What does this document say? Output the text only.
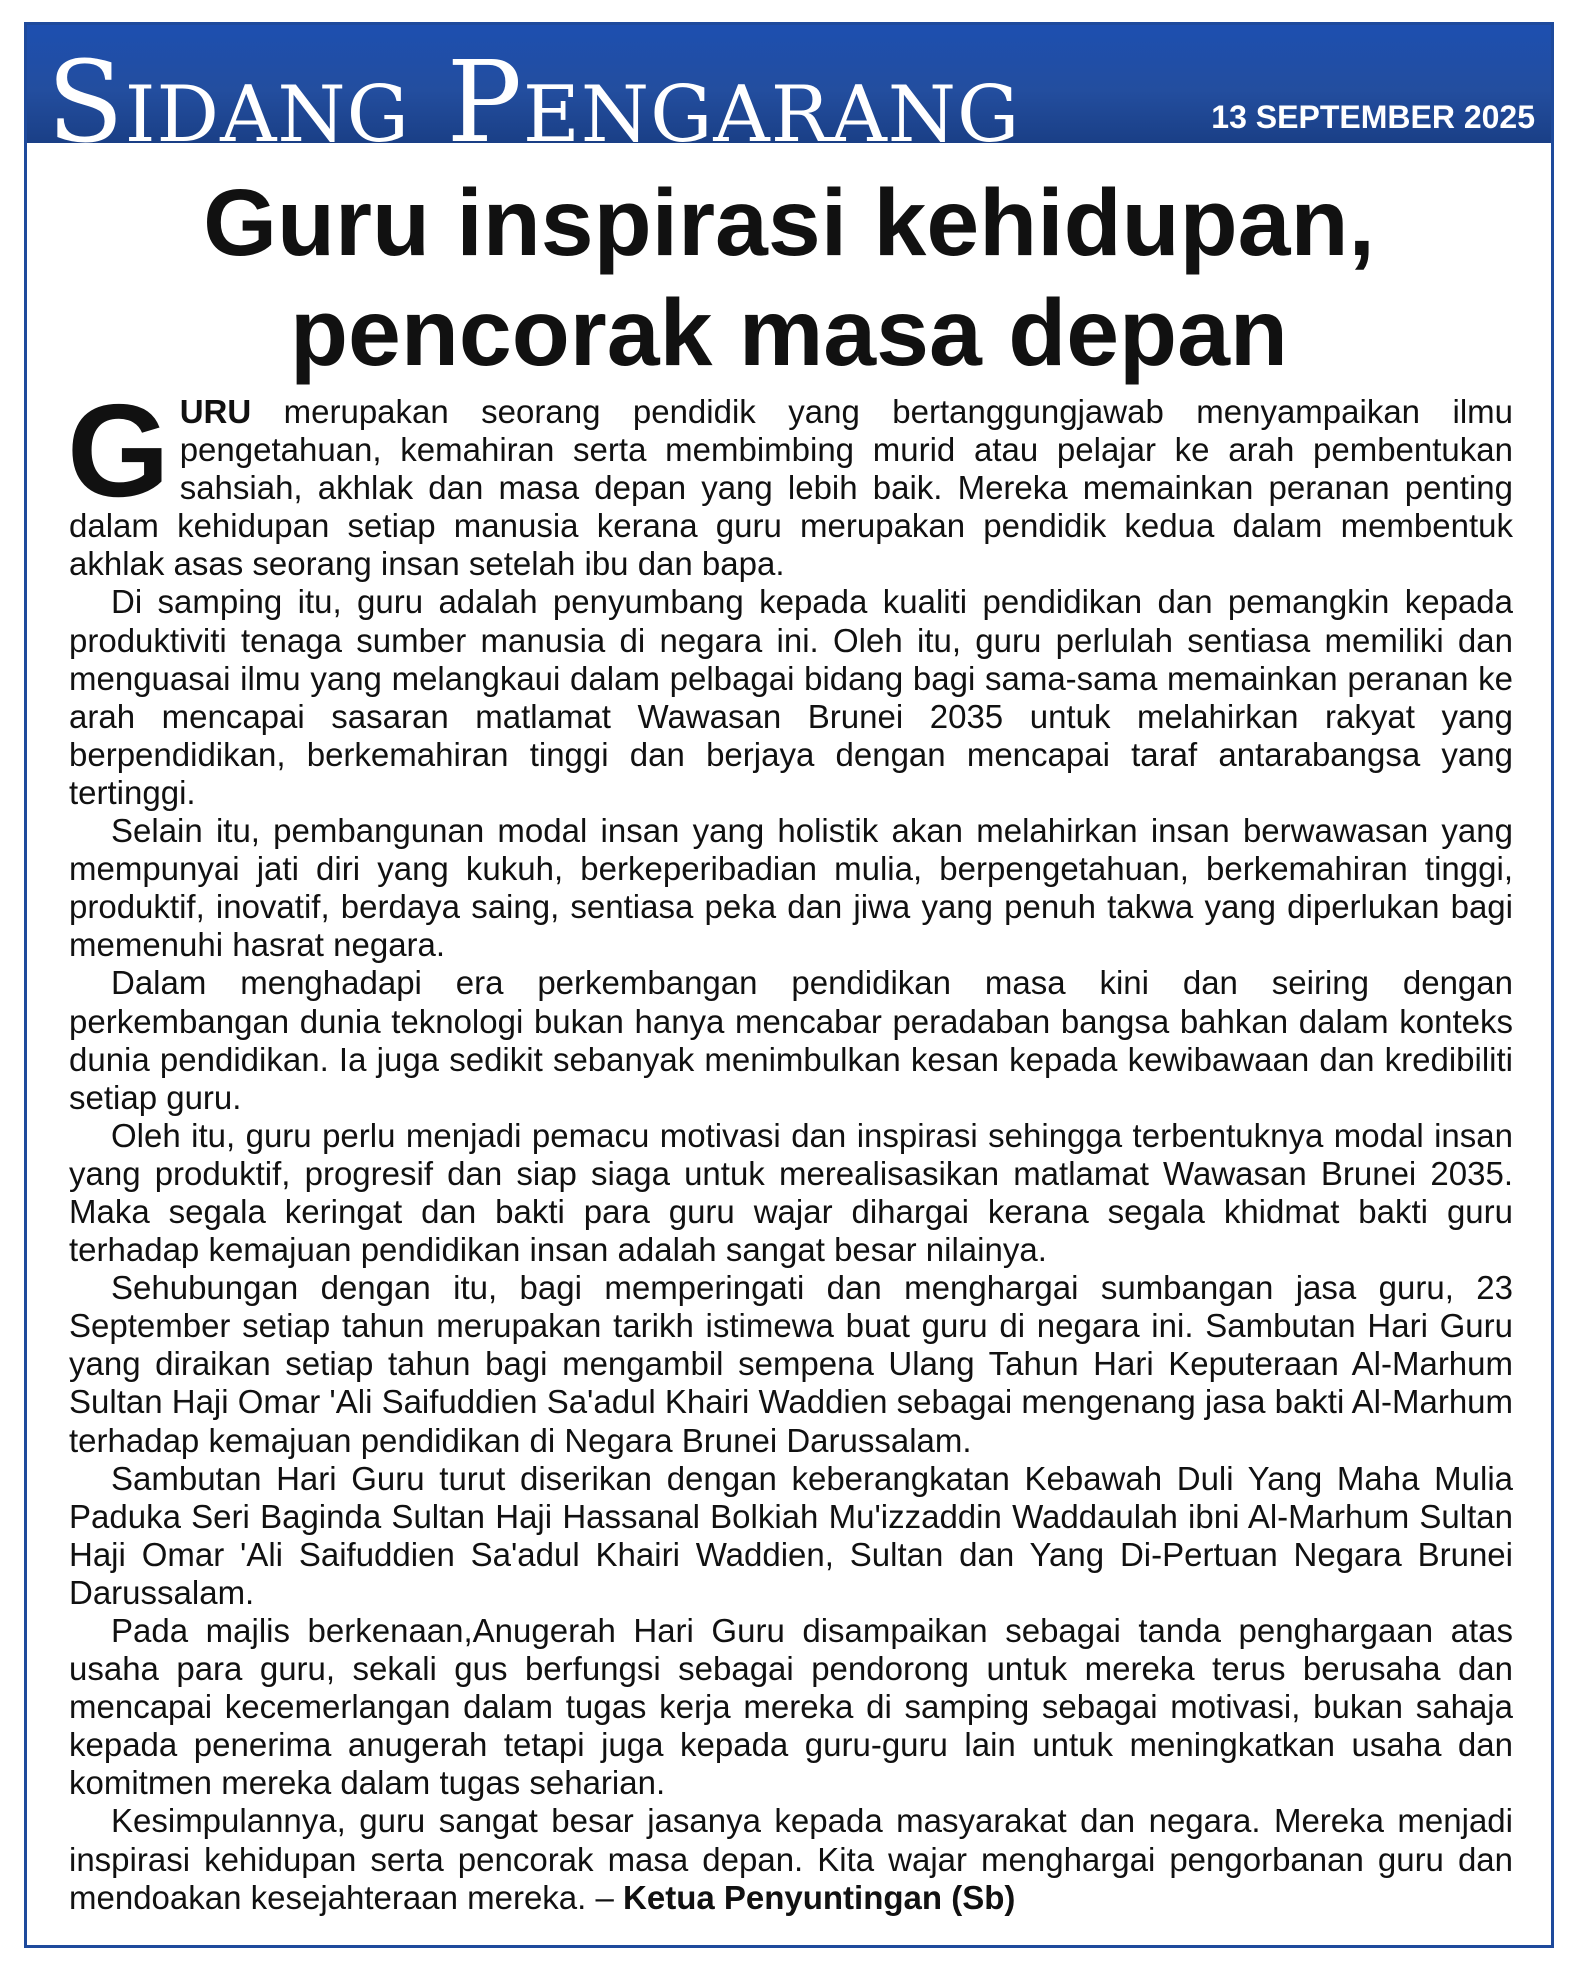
Sidang Pengarang	13 SEPTEMBER 2025
Guru inspirasi kehidupan,
pencorak masa depan

GURU merupakan seorang pendidik yang bertanggungjawab menyampaikan ilmu pengetahuan, kemahiran serta membimbing murid atau pelajar ke arah pembentukan sahsiah, akhlak dan masa depan yang lebih baik. Mereka memainkan peranan penting dalam kehidupan setiap manusia kerana guru merupakan pendidik kedua dalam membentuk akhlak asas seorang insan setelah ibu dan bapa.

Di samping itu, guru adalah penyumbang kepada kualiti pendidikan dan pemangkin kepada produktiviti tenaga sumber manusia di negara ini. Oleh itu, guru perlulah sentiasa memiliki dan menguasai ilmu yang melangkaui dalam pelbagai bidang bagi sama-sama memainkan peranan ke arah mencapai sasaran matlamat Wawasan Brunei 2035 untuk melahirkan rakyat yang berpendidikan, berkemahiran tinggi dan berjaya dengan mencapai taraf antarabangsa yang tertinggi.

Selain itu, pembangunan modal insan yang holistik akan melahirkan insan berwawasan yang mempunyai jati diri yang kukuh, berkeperibadian mulia, berpengetahuan, berkemahiran tinggi, produktif, inovatif, berdaya saing, sentiasa peka dan jiwa yang penuh takwa yang diperlukan bagi memenuhi hasrat negara.

Dalam menghadapi era perkembangan pendidikan masa kini dan seiring dengan perkembangan dunia teknologi bukan hanya mencabar peradaban bangsa bahkan dalam konteks dunia pendidikan. Ia juga sedikit sebanyak menimbulkan kesan kepada kewibawaan dan kredibiliti setiap guru.

Oleh itu, guru perlu menjadi pemacu motivasi dan inspirasi sehingga terbentuknya modal insan yang produktif, progresif dan siap siaga untuk merealisasikan matlamat Wawasan Brunei 2035. Maka segala keringat dan bakti para guru wajar dihargai kerana segala khidmat bakti guru terhadap kemajuan pendidikan insan adalah sangat besar nilainya.

Sehubungan dengan itu, bagi memperingati dan menghargai sumbangan jasa guru, 23 September setiap tahun merupakan tarikh istimewa buat guru di negara ini. Sambutan Hari Guru yang diraikan setiap tahun bagi mengambil sempena Ulang Tahun Hari Keputeraan Al-Marhum Sultan Haji Omar 'Ali Saifuddien Sa'adul Khairi Waddien sebagai mengenang jasa bakti Al-Marhum terhadap kemajuan pendidikan di Negara Brunei Darussalam.

Sambutan Hari Guru turut diserikan dengan keberangkatan Kebawah Duli Yang Maha Mulia Paduka Seri Baginda Sultan Haji Hassanal Bolkiah Mu'izzaddin Waddaulah ibni Al-Marhum Sultan Haji Omar 'Ali Saifuddien Sa'adul Khairi Waddien, Sultan dan Yang Di-Pertuan Negara Brunei Darussalam.

Pada majlis berkenaan,Anugerah Hari Guru disampaikan sebagai tanda penghargaan atas usaha para guru, sekali gus berfungsi sebagai pendorong untuk mereka terus berusaha dan mencapai kecemerlangan dalam tugas kerja mereka di samping sebagai motivasi, bukan sahaja kepada penerima anugerah tetapi juga kepada guru-guru lain untuk meningkatkan usaha dan komitmen mereka dalam tugas seharian.

Kesimpulannya, guru sangat besar jasanya kepada masyarakat dan negara. Mereka menjadi inspirasi kehidupan serta pencorak masa depan. Kita wajar menghargai pengorbanan guru dan mendoakan kesejahteraan mereka. – Ketua Penyuntingan (Sb)
